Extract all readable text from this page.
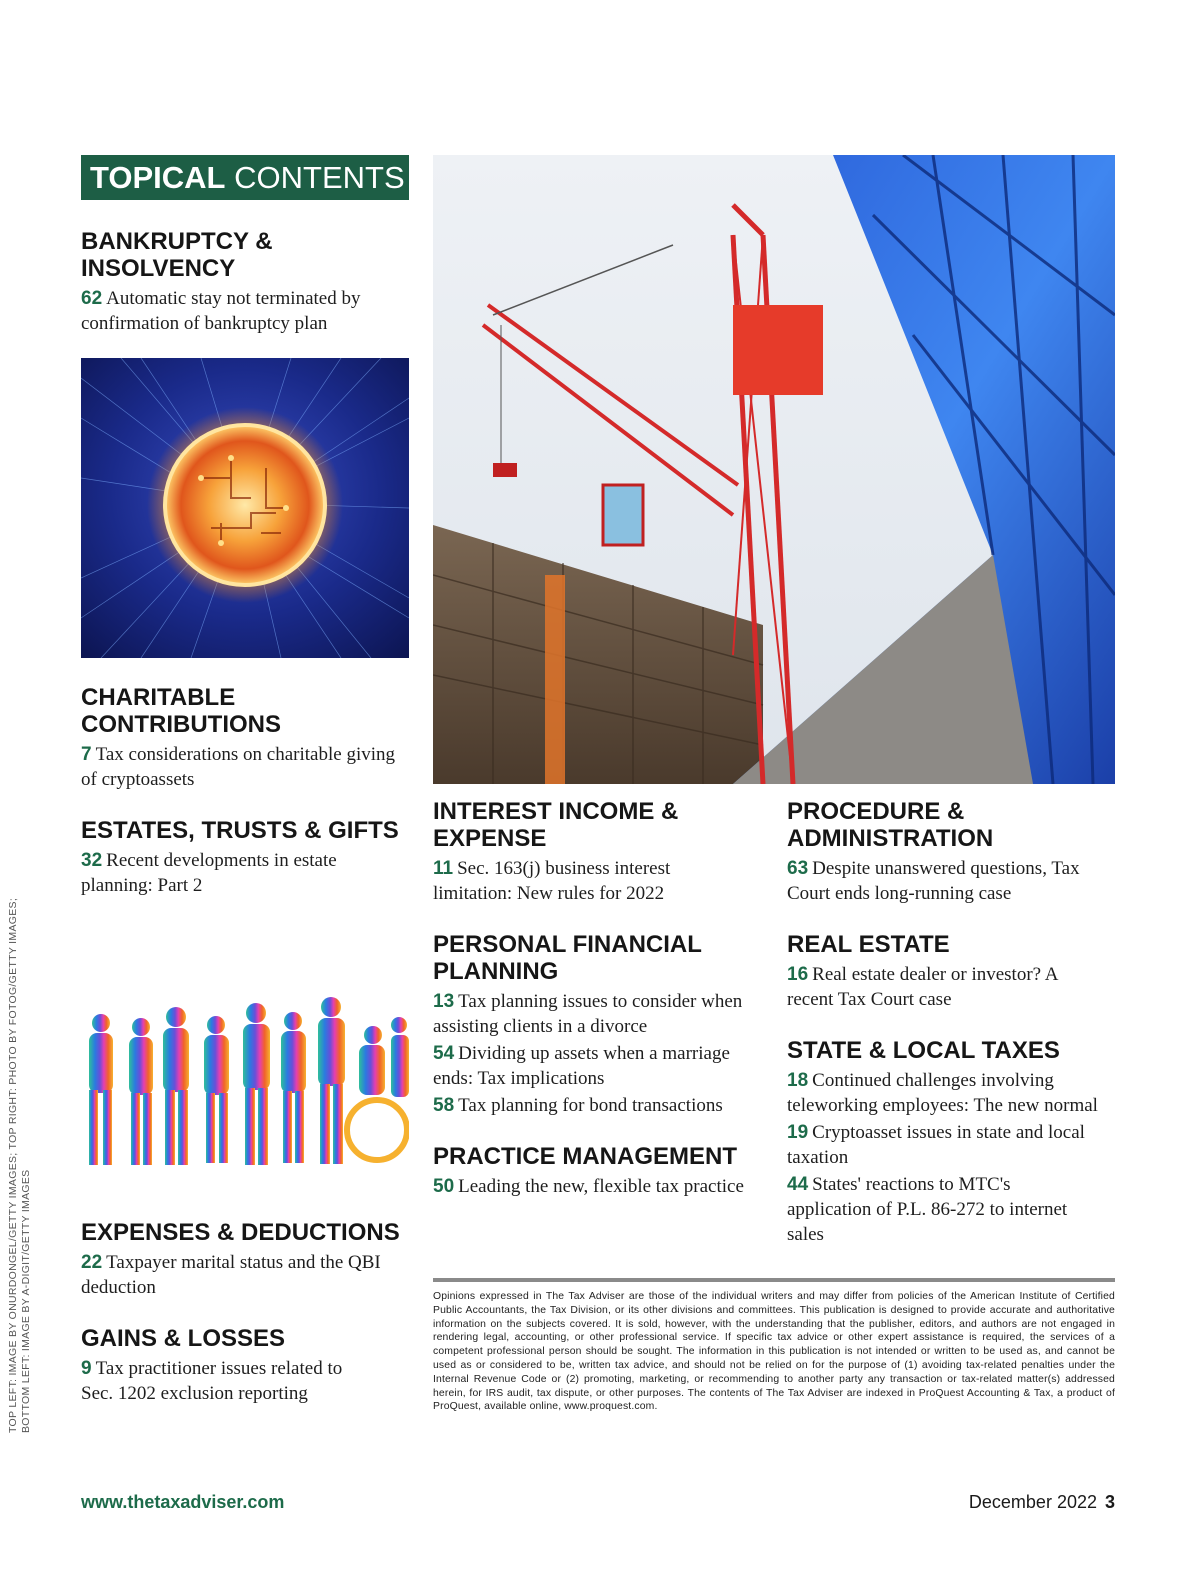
TOPICAL CONTENTS
BANKRUPTCY & INSOLVENCY
62 Automatic stay not terminated by confirmation of bankruptcy plan
CHARITABLE CONTRIBUTIONS
7 Tax considerations on charitable giving of cryptoassets
ESTATES, TRUSTS & GIFTS
32 Recent developments in estate planning: Part 2
EXPENSES & DEDUCTIONS
22 Taxpayer marital status and the QBI deduction
GAINS & LOSSES
9 Tax practitioner issues related to Sec. 1202 exclusion reporting
INTEREST INCOME & EXPENSE
11 Sec. 163(j) business interest limitation: New rules for 2022
PERSONAL FINANCIAL PLANNING
13 Tax planning issues to consider when assisting clients in a divorce
54 Dividing up assets when a marriage ends: Tax implications
58 Tax planning for bond transactions
PRACTICE MANAGEMENT
50 Leading the new, flexible tax practice
PROCEDURE & ADMINISTRATION
63 Despite unanswered questions, Tax Court ends long-running case
REAL ESTATE
16 Real estate dealer or investor? A recent Tax Court case
STATE & LOCAL TAXES
18 Continued challenges involving teleworking employees: The new normal
19 Cryptoasset issues in state and local taxation
44 States' reactions to MTC's application of P.L. 86-272 to internet sales
Opinions expressed in The Tax Adviser are those of the individual writers and may differ from policies of the American Institute of Certified Public Accountants, the Tax Division, or its other divisions and committees. This publication is designed to provide accurate and authoritative information on the subjects covered. It is sold, however, with the understanding that the publisher, editors, and authors are not engaged in rendering legal, accounting, or other professional service. If specific tax advice or other expert assistance is required, the services of a competent professional person should be sought. The information in this publication is not intended or written to be used as, and cannot be used as or considered to be, written tax advice, and should not be relied on for the purpose of (1) avoiding tax-related penalties under the Internal Revenue Code or (2) promoting, marketing, or recommending to another party any transaction or tax-related matter(s) addressed herein, for IRS audit, tax dispute, or other purposes. The contents of The Tax Adviser are indexed in ProQuest Accounting & Tax, a product of ProQuest, available online, www.proquest.com.
TOP LEFT: IMAGE BY ONURDONGEL/GETTY IMAGES; TOP RIGHT: PHOTO BY FOTOG/GETTY IMAGES; BOTTOM LEFT: IMAGE BY A-DIGIT/GETTY IMAGES
www.thetaxadviser.com	December 2022 3
